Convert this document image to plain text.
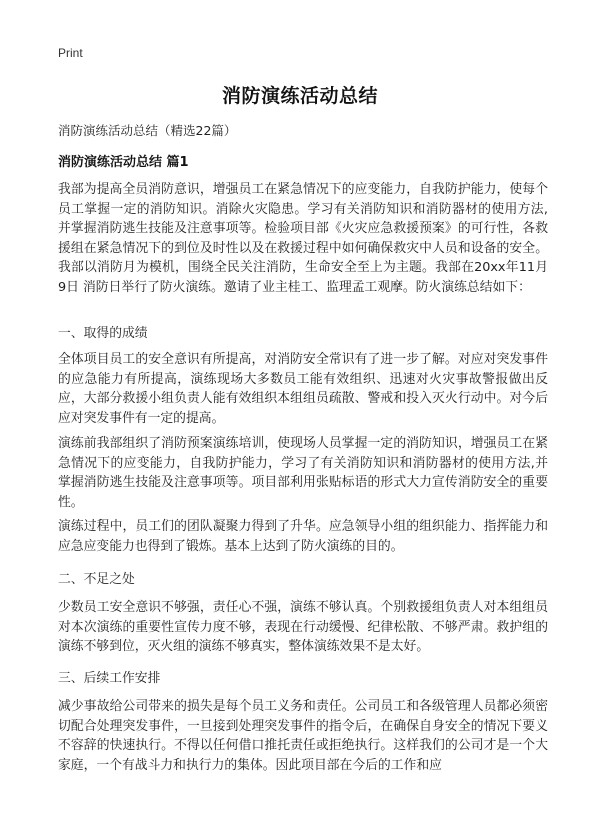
Print
消防演练活动总结
消防演练活动总结（精选22篇）
消防演练活动总结 篇1
我部为提高全员消防意识，增强员工在紧急情况下的应变能力，自我防护能力，使每个员工掌握一定的消防知识。消除火灾隐患。学习有关消防知识和消防器材的使用方法,并掌握消防逃生技能及注意事项等。检验项目部《火灾应急救援预案》的可行性，各救援组在紧急情况下的到位及时性以及在救援过程中如何确保救灾中人员和设备的安全。我部以消防月为模机，围绕全民关注消防，生命安全至上为主题。我部在20xx年11月9日 消防日举行了防火演练。邀请了业主桂工、监理孟工观摩。防火演练总结如下：
一、取得的成绩
全体项目员工的安全意识有所提高，对消防安全常识有了进一步了解。对应对突发事件的应急能力有所提高，演练现场大多数员工能有效组织、迅速对火灾事故警报做出反应，大部分救援小组负责人能有效组织本组组员疏散、警戒和投入灭火行动中。对今后应对突发事件有一定的提高。
演练前我部组织了消防预案演练培训，使现场人员掌握一定的消防知识，增强员工在紧急情况下的应变能力，自我防护能力，学习了有关消防知识和消防器材的使用方法,并掌握消防逃生技能及注意事项等。项目部利用张贴标语的形式大力宣传消防安全的重要性。
演练过程中，员工们的团队凝聚力得到了升华。应急领导小组的组织能力、指挥能力和应急应变能力也得到了锻炼。基本上达到了防火演练的目的。
二、不足之处
少数员工安全意识不够强，责任心不强，演练不够认真。个别救援组负责人对本组组员对本次演练的重要性宣传力度不够，表现在行动缓慢、纪律松散、不够严肃。救护组的演练不够到位，灭火组的演练不够真实，整体演练效果不是太好。
三、后续工作安排
减少事故给公司带来的损失是每个员工义务和责任。公司员工和各级管理人员都必须密切配合处理突发事件，一旦接到处理突发事件的指令后，在确保自身安全的情况下要义不容辞的快速执行。不得以任何借口推托责任或拒绝执行。这样我们的公司才是一个大家庭，一个有战斗力和执行力的集体。因此项目部在今后的工作和应
